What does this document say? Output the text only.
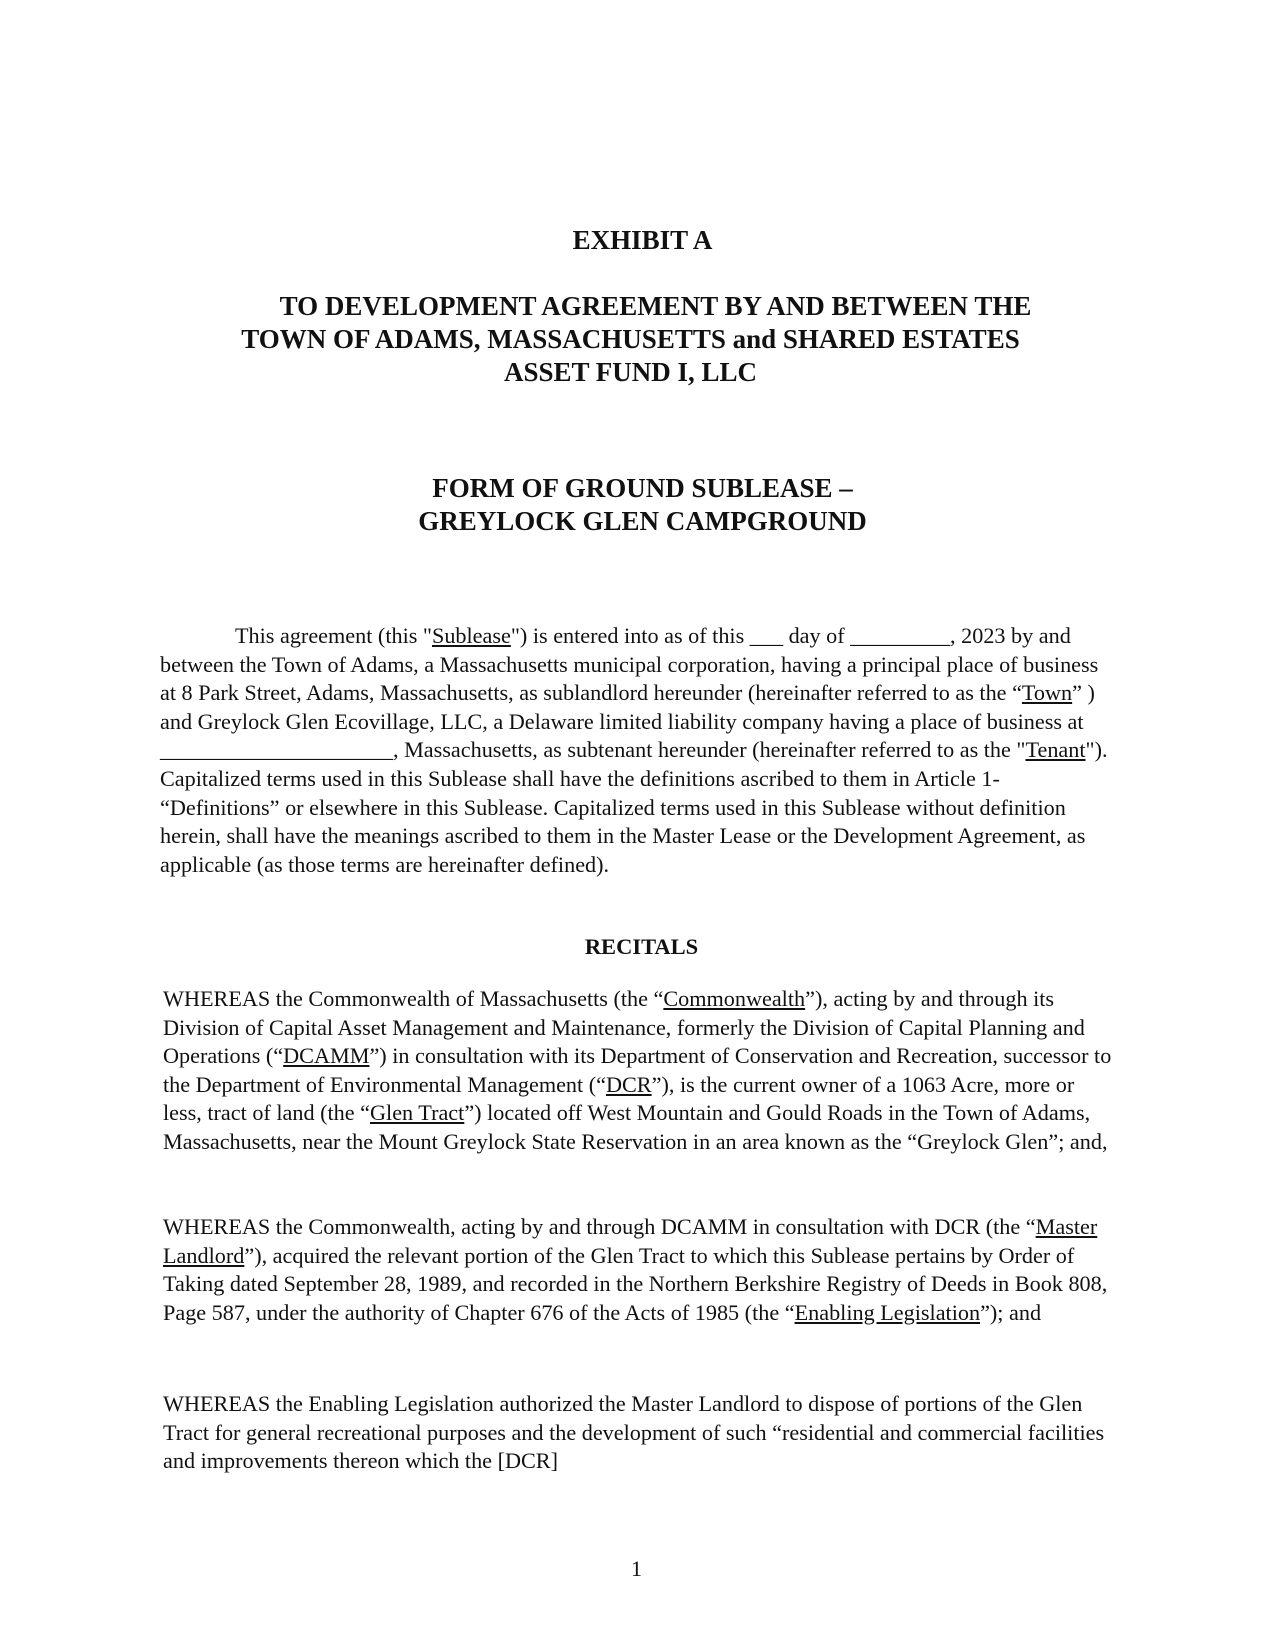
EXHIBIT A
TO DEVELOPMENT AGREEMENT BY AND BETWEEN THE
TOWN OF ADAMS, MASSACHUSETTS and SHARED ESTATES
ASSET FUND I, LLC
FORM OF GROUND SUBLEASE –
GREYLOCK GLEN CAMPGROUND
This agreement (this "Sublease") is entered into as of this ___ day of _________, 2023 by and between the Town of Adams, a Massachusetts municipal corporation, having a principal place of business at 8 Park Street, Adams, Massachusetts, as sublandlord hereunder (hereinafter referred to as the “Town” ) and Greylock Glen Ecovillage, LLC, a Delaware limited liability company having a place of business at _____________________, Massachusetts, as subtenant hereunder (hereinafter referred to as the "Tenant"). Capitalized terms used in this Sublease shall have the definitions ascribed to them in Article 1- “Definitions” or elsewhere in this Sublease. Capitalized terms used in this Sublease without definition herein, shall have the meanings ascribed to them in the Master Lease or the Development Agreement, as applicable (as those terms are hereinafter defined).
RECITALS
WHEREAS the Commonwealth of Massachusetts (the “Commonwealth”), acting by and through its Division of Capital Asset Management and Maintenance, formerly the Division of Capital Planning and Operations (“DCAMM”) in consultation with its Department of Conservation and Recreation, successor to the Department of Environmental Management (“DCR”), is the current owner of a 1063 Acre, more or less, tract of land (the “Glen Tract”) located off West Mountain and Gould Roads in the Town of Adams, Massachusetts, near the Mount Greylock State Reservation in an area known as the “Greylock Glen”; and,
WHEREAS the Commonwealth, acting by and through DCAMM in consultation with DCR (the “Master Landlord”), acquired the relevant portion of the Glen Tract to which this Sublease pertains by Order of Taking dated September 28, 1989, and recorded in the Northern Berkshire Registry of Deeds in Book 808, Page 587, under the authority of Chapter 676 of the Acts of 1985 (the “Enabling Legislation”); and
WHEREAS the Enabling Legislation authorized the Master Landlord to dispose of portions of the Glen Tract for general recreational purposes and the development of such “residential and commercial facilities and improvements thereon which the [DCR]
1
